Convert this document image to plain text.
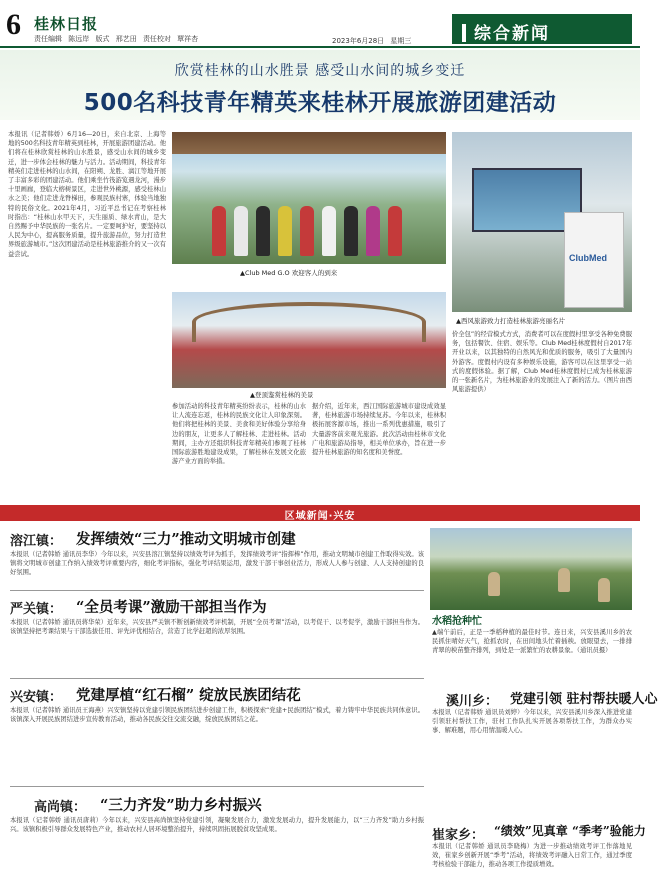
6 桂林日报
责任编辑 陈远岸 版式 邢艺田 责任校对 覃祥杏	2023年6月28日 星期三	综合新闻
欣赏桂林的山水胜景 感受山水间的城乡变迁
500名科技青年精英来桂林开展旅游团建活动
本报讯（记者韩娇）6月16—20日，来自北京、上海等地的500名科技青年精英到桂林，开展旅游团建活动。他们将在桂林欣赏桂林的山水胜景，感受山水间的城乡变迁，进一步体会桂林的魅力与活力。活动期间，科技青年精英们走进桂林的山水间，在阳朔、龙胜、漓江等地开展了丰富多彩的团建活动。他们乘坐竹筏游览遇龙河，漫步十里画廊，登临大榕树景区，走进世外桃源，感受桂林山水之美；他们走进龙脊梯田，参观民族村寨，体验当地独特的民俗文化。2021年4月，习近平总书记在考察桂林时指出：“桂林山水甲天下，天生丽质、绿水青山，是大自然赐予中华民族的一张名片。一定要呵护好，要坚持以人民为中心，提高服务质量，提升旅游品位，努力打造世界级旅游城市。”这次团建活动是桂林旅游推介的又一次有益尝试。
▲Club Med G.O 欢迎客人的到来
ClubMed
▲西风旅游致力打造桂林旅游亮丽名片
▲登顶鉴赏桂林的美景
参加活动的科技青年精英纷纷表示，桂林的山水让人流连忘返，桂林的民族文化让人印象深刻。他们将把桂林的美景、美食和美好体验分享给身边的朋友，让更多人了解桂林、走进桂林。活动期间，主办方还组织科技青年精英们参观了桂林国际旅游胜地建设成果，了解桂林在发展文化旅游产业方面的举措。
据介绍，近年来，西江国际旅游城市建设成效显著，桂林旅游市场持续复苏。今年以来，桂林积极拓展客源市场，推出一系列优惠措施，吸引了大量游客前来观光旅游。此次活动由桂林市文化广电和旅游局指导，相关单位承办，旨在进一步提升桂林旅游的知名度和美誉度。
价全包”的经营模式方式，消费者可以在度假村里享受各种免费服务，包括餐饮、住宿、娱乐等。Club Med桂林度假村自2017年开业以来，以其独特的自然风光和优质的服务，吸引了大量国内外游客。度假村内设有多种娱乐设施，游客可以在这里享受一站式的度假体验。据了解，Club Med桂林度假村已成为桂林旅游的一张新名片，为桂林旅游业的发展注入了新的活力。（图片由西风旅游提供）
区域新闻·兴安
溶江镇： 发挥绩效“三力”推动文明城市创建
本报讯（记者韩娇 通讯员李华）今年以来，兴安县溶江镇坚持以绩效考评为抓手，发挥绩效考评“指挥棒”作用，推动文明城市创建工作取得实效。该镇将文明城市创建工作纳入绩效考评重要内容，细化考评指标，强化考评结果运用，激发干部干事创业活力，形成人人参与创建、人人支持创建的良好氛围。
严关镇： “全员考课”激励干部担当作为
本报讯（记者韩娇 通讯员蒋华荣）近年来，兴安县严关镇不断创新绩效考评机制，开展“全员考课”活动，以考促干、以考促学，激励干部担当作为。该镇坚持把考课结果与干部选拔任用、评先评优相结合，营造了比学赶超的浓厚氛围。
兴安镇： 党建厚植“红石榴” 绽放民族团结花
本报讯（记者韩娇 通讯员王海燕）兴安镇坚持以党建引领民族团结进步创建工作，积极探索“党建+民族团结”模式，着力铸牢中华民族共同体意识。该镇深入开展民族团结进步宣传教育活动，推动各民族交往交流交融，绽放民族团结之花。
高尚镇： “三力齐发”助力乡村振兴
本报讯（记者韩娇 通讯员唐莉）今年以来，兴安县高尚镇坚持党建引领，凝聚发展合力，激发发展动力，提升发展能力，以“三力齐发”助力乡村振兴。该镇积极引导群众发展特色产业，推动农村人居环境整治提升，持续巩固拓展脱贫攻坚成果。
水稻抢种忙
▲端午前后，正是一季稻种植的最佳时节。连日来，兴安县溪川乡的农民抓住晴好天气，抢抓农时，在田间地头忙着插秧。放眼望去，一排排青翠的秧苗整齐排列，到处是一派繁忙的农耕景象。（通讯员摄）
溪川乡： 党建引领 驻村帮扶暖人心
本报讯（记者韩娇 通讯员刘婷）今年以来，兴安县溪川乡深入推进党建引领驻村帮扶工作，驻村工作队扎实开展各项帮扶工作，为群众办实事、解难题，用心用情温暖人心。
崔家乡： “绩效”见真章 “季考”验能力
本报讯（记者韩娇 通讯员李晓梅）为进一步推动绩效考评工作落地见效，崔家乡创新开展“季考”活动，将绩效考评融入日常工作，通过季度考核检验干部能力，推动各项工作提质增效。
